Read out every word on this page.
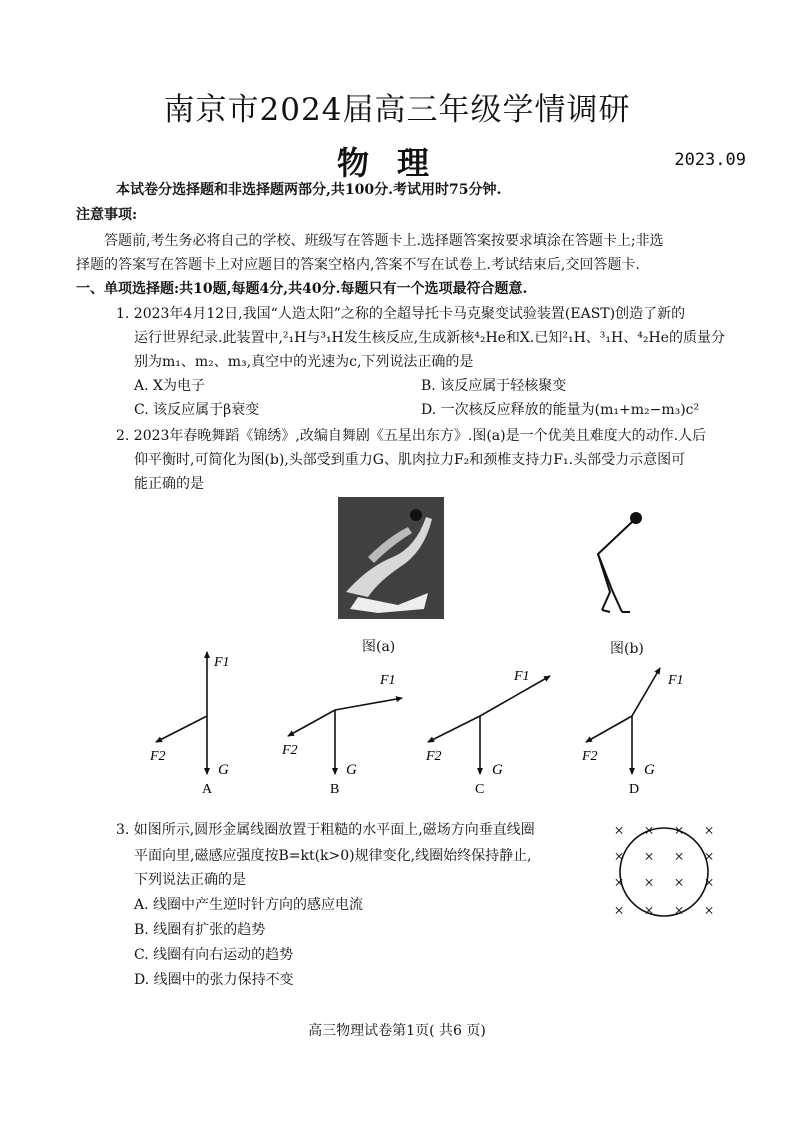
南京市2024届高三年级学情调研
物理	2023.09
本试卷分选择题和非选择题两部分,共100分.考试用时75分钟.
注意事项:
答题前,考生务必将自己的学校、班级写在答题卡上.选择题答案按要求填涂在答题卡上;非选
择题的答案写在答题卡上对应题目的答案空格内,答案不写在试卷上.考试结束后,交回答题卡.
一、单项选择题:共10题,每题4分,共40分.每题只有一个选项最符合题意.
1. 2023年4月12日,我国“人造太阳”之称的全超导托卡马克聚变试验装置(EAST)创造了新的
运行世界纪录.此装置中,²₁H与³₁H发生核反应,生成新核⁴₂He和X.已知²₁H、³₁H、⁴₂He的质量分
别为m₁、m₂、m₃,真空中的光速为c,下列说法正确的是
A. X为电子	B. 该反应属于轻核聚变
C. 该反应属于β衰变	D. 一次核反应释放的能量为(m₁+m₂−m₃)c²
2. 2023年春晚舞蹈《锦绣》,改编自舞剧《五星出东方》.图(a)是一个优美且难度大的动作.人后
仰平衡时,可简化为图(b),头部受到重力G、肌肉拉力F₂和颈椎支持力F₁.头部受力示意图可
能正确的是
图(a)	图(b)
F1
F2
G
A
F1
F2
G
B
F1
F2
G
C
F1
F2
G
D
3. 如图所示,圆形金属线圈放置于粗糙的水平面上,磁场方向垂直线圈
平面向里,磁感应强度按B=kt(k>0)规律变化,线圈始终保持静止,
下列说法正确的是
A. 线圈中产生逆时针方向的感应电流
B. 线圈有扩张的趋势
C. 线圈有向右运动的趋势
D. 线圈中的张力保持不变
× × × ×
× × × ×
× × × ×
× × × ×
高三物理试卷第1页( 共6 页)
